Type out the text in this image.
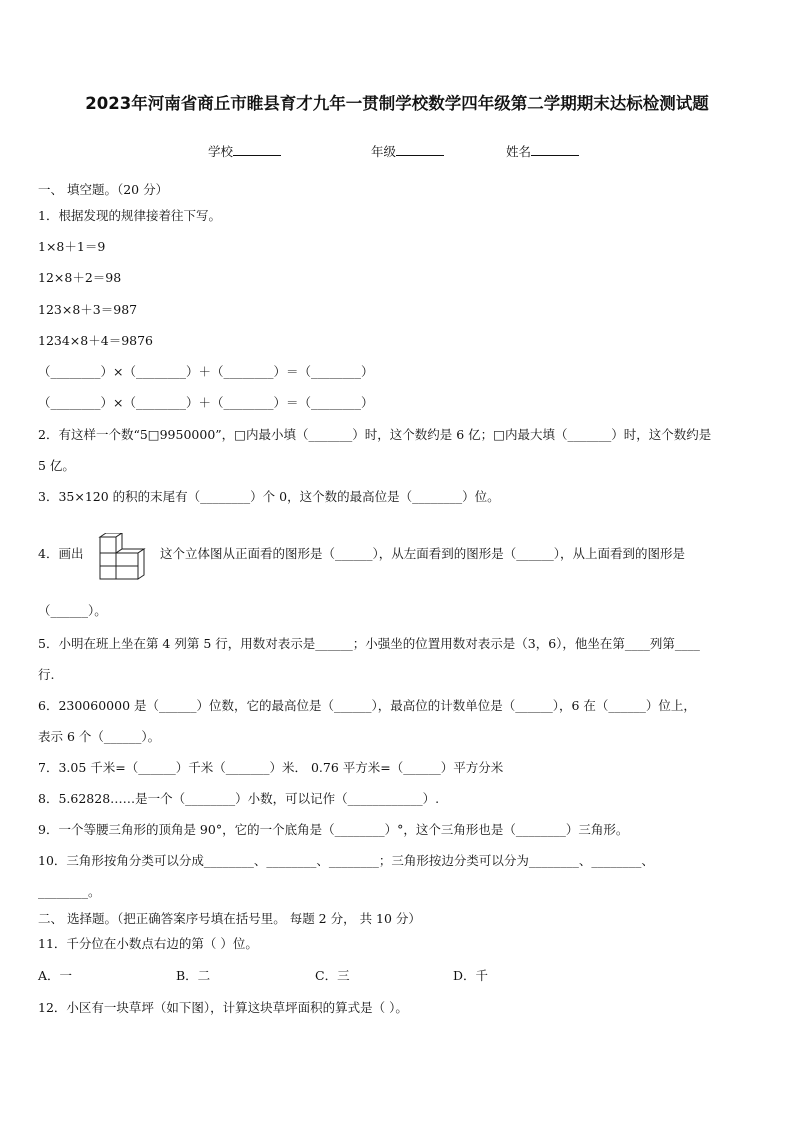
2023年河南省商丘市睢县育才九年一贯制学校数学四年级第二学期期末达标检测试题
学校	年级	姓名
一、 填空题。（20 分）
1．根据发现的规律接着往下写。
1×8＋1＝9
12×8＋2＝98
123×8＋3＝987
1234×8＋4＝9876
（________）×（________）＋（________）＝（________）
（________）×（________）＋（________）＝（________）
2．有这样一个数“5□9950000”，□内最小填（_______）时，这个数约是 6 亿；□内最大填（_______）时，这个数约是
5 亿。
3．35×120 的积的末尾有（________）个 0，这个数的最高位是（________）位。
4．画出	这个立体图从正面看的图形是（______），从左面看到的图形是（______），从上面看到的图形是
（______）。
5．小明在班上坐在第 4 列第 5 行，用数对表示是______；小强坐的位置用数对表示是（3，6），他坐在第____列第____
行.
6．230060000 是（______）位数，它的最高位是（______），最高位的计数单位是（______），6 在（______）位上，
表示 6 个（______）。
7．3.05 千米=（______）千米（_______）米． 0.76 平方米=（______）平方分米
8．5.62828……是一个（________）小数，可以记作（____________）.
9．一个等腰三角形的顶角是 90°，它的一个底角是（________）°，这个三角形也是（________）三角形。
10．三角形按角分类可以分成________、________、________；三角形按边分类可以分为________、________、
________。
二、 选择题。（把正确答案序号填在括号里。 每题 2 分， 共 10 分）
11．千分位在小数点右边的第（ ）位。
A．一	B．二	C．三	D．千
12．小区有一块草坪（如下图），计算这块草坪面积的算式是（ ）。
